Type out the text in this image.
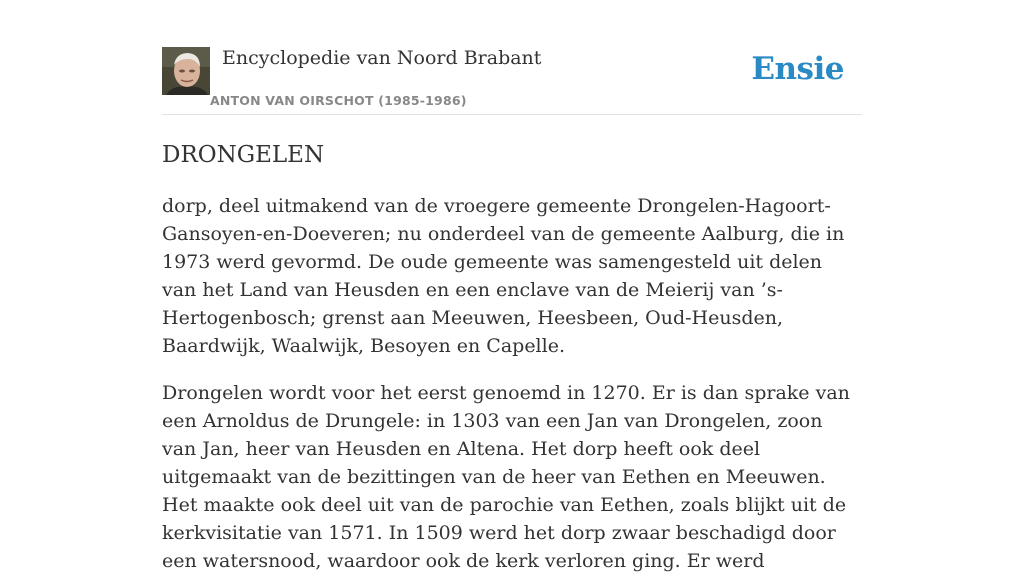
Encyclopedie van Noord Brabant
ANTON VAN OIRSCHOT (1985-1986)
Ensie
DRONGELEN

dorp, deel uitmakend van de vroegere gemeente Drongelen-Hagoort-Gansoyen-en-Doeveren; nu onderdeel van de gemeente Aalburg, die in 1973 werd gevormd. De oude gemeente was samengesteld uit delen van het Land van Heusden en een enclave van de Meierij van ’s-Hertogenbosch; grenst aan Meeuwen, Heesbeen, Oud-Heusden, Baardwijk, Waalwijk, Besoyen en Capelle.

Drongelen wordt voor het eerst genoemd in 1270. Er is dan sprake van een Arnoldus de Drungele: in 1303 van een Jan van Drongelen, zoon van Jan, heer van Heusden en Altena. Het dorp heeft ook deel uitgemaakt van de bezittingen van de heer van Eethen en Meeuwen. Het maakte ook deel uit van de parochie van Eethen, zoals blijkt uit de kerkvisitatie van 1571. In 1509 werd het dorp zwaar beschadigd door een watersnood, waardoor ook de kerk verloren ging. Er werd
